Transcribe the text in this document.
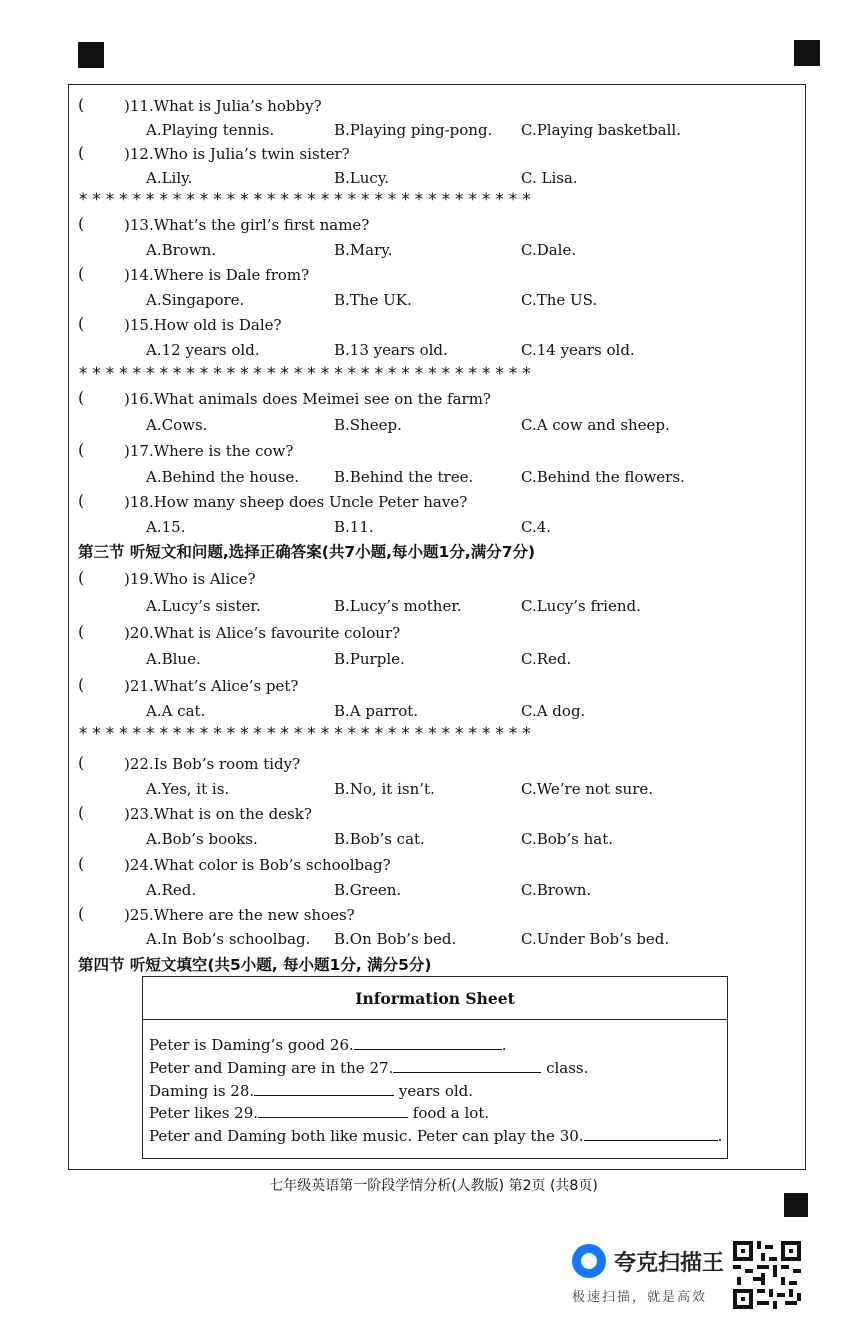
(	)11.What is Julia’s hobby?
A.Playing tennis.	B.Playing ping-pong. C.Playing basketball.
(	)12.Who is Julia’s twin sister?
A.Lily.	B.Lucy.	C. Lisa.
(	)13.What’s the girl’s first name?
A.Brown.	B.Mary.	C.Dale.
(	)14.Where is Dale from?
A.Singapore.	B.The UK.	C.The US.
(	)15.How old is Dale?
A.12 years old.	B.13 years old.	C.14 years old.
(	)16.What animals does Meimei see on the farm?
A.Cows.	B.Sheep.	C.A cow and sheep.
(	)17.Where is the cow?
A.Behind the house. B.Behind the tree.	C.Behind the flowers.
(	)18.How many sheep does Uncle Peter have?
A.15.	B.11.	C.4.
第三节 听短文和问题,选择正确答案(共7小题,每小题1分,满分7分)
(	)19.Who is Alice?
A.Lucy’s sister.	B.Lucy’s mother.	C.Lucy’s friend.
(	)20.What is Alice’s favourite colour?
A.Blue.	B.Purple.	C.Red.
(	)21.What’s Alice’s pet?
A.A cat.	B.A parrot.	C.A dog.
(	)22.Is Bob’s room tidy?
A.Yes, it is.	B.No, it isn’t.	C.We’re not sure.
(	)23.What is on the desk?
A.Bob’s books.	B.Bob’s cat.	C.Bob’s hat.
(	)24.What color is Bob’s schoolbag?
A.Red.	B.Green.	C.Brown.
(	)25.Where are the new shoes?
A.In Bob’s schoolbag. B.On Bob’s bed.	C.Under Bob’s bed.
第四节 听短文填空(共5小题, 每小题1分, 满分5分)
Information Sheet
Peter is Daming’s good 26.	.
Peter and Daming are in the 27.	class.
Daming is 28.	years old.
Peter likes 29.	food a lot.
Peter and Daming both like music. Peter can play the 30.	.
七年级英语第一阶段学情分析(人教版) 第2页 (共8页)
夸克扫描王
极速扫描，就是高效
**********************************
**********************************
**********************************
